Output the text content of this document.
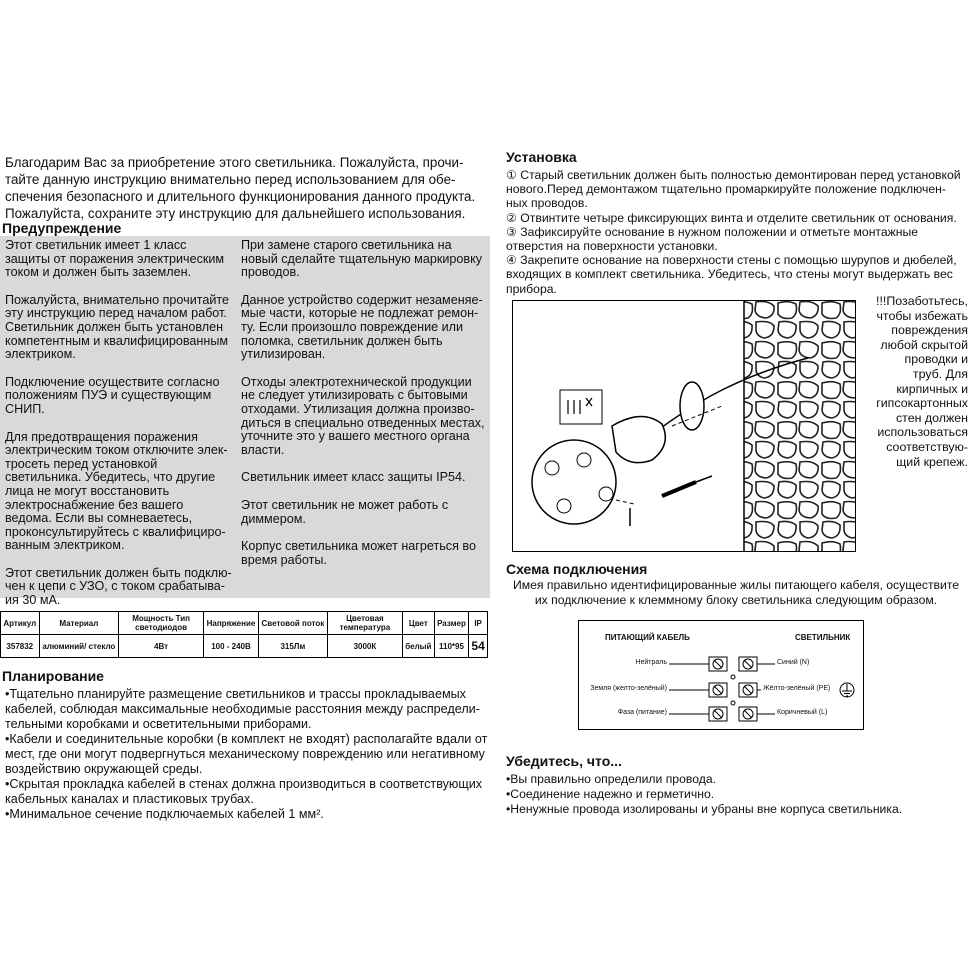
Благодарим Вас за приобретение этого светильника. Пожалуйста, прочи-
тайте данную инструкцию внимательно перед использованием для обе-
спечения безопасного и длительного функционирования данного продукта.
Пожалуйста, сохраните эту инструкцию для дальнейшего использования.
Предупреждение

Этот светильник имеет 1 класс защиты от поражения электрическим током и должен быть заземлен.

Пожалуйста, внимательно прочитайте эту инструкцию перед началом работ. Светильник должен быть установлен компетентным и квалифицированным электриком.

Подключение осуществите согласно положениям ПУЭ и существующим СНИП.

Для предотвращения поражения электрическим током отключите элек-тросеть перед установкой светильника. Убедитесь, что другие лица не могут восстановить электроснабжение без вашего ведома. Если вы сомневаетесь, проконсультируйтесь с квалифициро-ванным электриком.

Этот светильник должен быть подклю-чен к цепи с УЗО, с током срабатыва-ия 30 мА.

При замене старого светильника на новый сделайте тщательную маркировку проводов.

Данное устройство содержит незаменяе-мые части, которые не подлежат ремон-ту. Если произошло повреждение или поломка, светильник должен быть утилизирован.

Отходы электротехнической продукции не следует утилизировать с бытовыми отходами. Утилизация должна произво-диться в специально отведенных местах, уточните это у вашего местного органа власти.

Светильник имеет класс защиты IP54.

Этот светильник не может работь с диммером.

Корпус светильника может нагреться во время работы.

Артикул	Материал	Мощность Тип светодиодов	Напряжение	Световой поток	Цветовая температура	Цвет	Размер	IP
357832	алюминий/ стекло	4Вт	100 - 240В	315Лм	3000К	белый	110*95	54
Планирование
•Тщательно планируйте размещение светильников и трассы прокладываемых кабелей, соблюдая максимальные необходимые расстояния между распредели-тельными коробками и осветительными приборами.
•Кабели и соединительные коробки (в комплект не входят) располагайте вдали от мест, где они могут подвергнуться механическому повреждению или негативному воздействию окружающей среды.
•Скрытая прокладка кабелей в стенах должна производиться в соответствующих кабельных каналах и пластиковых трубах.
•Минимальное сечение подключаемых кабелей 1 мм².
Установка

① Старый светильник должен быть полностью демонтирован перед установкой нового.Перед демонтажом тщательно промаркируйте положение подключен-ных проводов.

② Отвинтите четыре фиксирующих винта и отделите светильник от основания.

③ Зафиксируйте основание в нужном положении и отметьте монтажные отверстия на поверхности установки.

④ Закрепите основание на поверхности стены с помощью шурупов и дюбелей, входящих в комплект светильника. Убедитесь, что стены могут выдержать вес прибора.

!!!Позаботьтесь, чтобы избежать повреждения любой скрытой проводки и труб. Для кирпичных и гипсокартонных стен должен использоваться соответствую-щий крепеж.
Схема подключения
Имея правильно идентифицированные жилы питающего кабеля, осуществите их подключение к клеммному блоку светильника следующим образом.
ПИТАЮЩИЙ КАБЕЛЬ	СВЕТИЛЬНИК
Нейтраль
Земля (желто-зелёный)
Фаза (питание)
Синий (N)
Жёлто-зелёный (PE)
Коричневый (L)
Убедитесь, что...

•Вы правильно определили провода.

•Соединение надежно и герметично.

•Ненужные провода изолированы и убраны вне корпуса светильника.
